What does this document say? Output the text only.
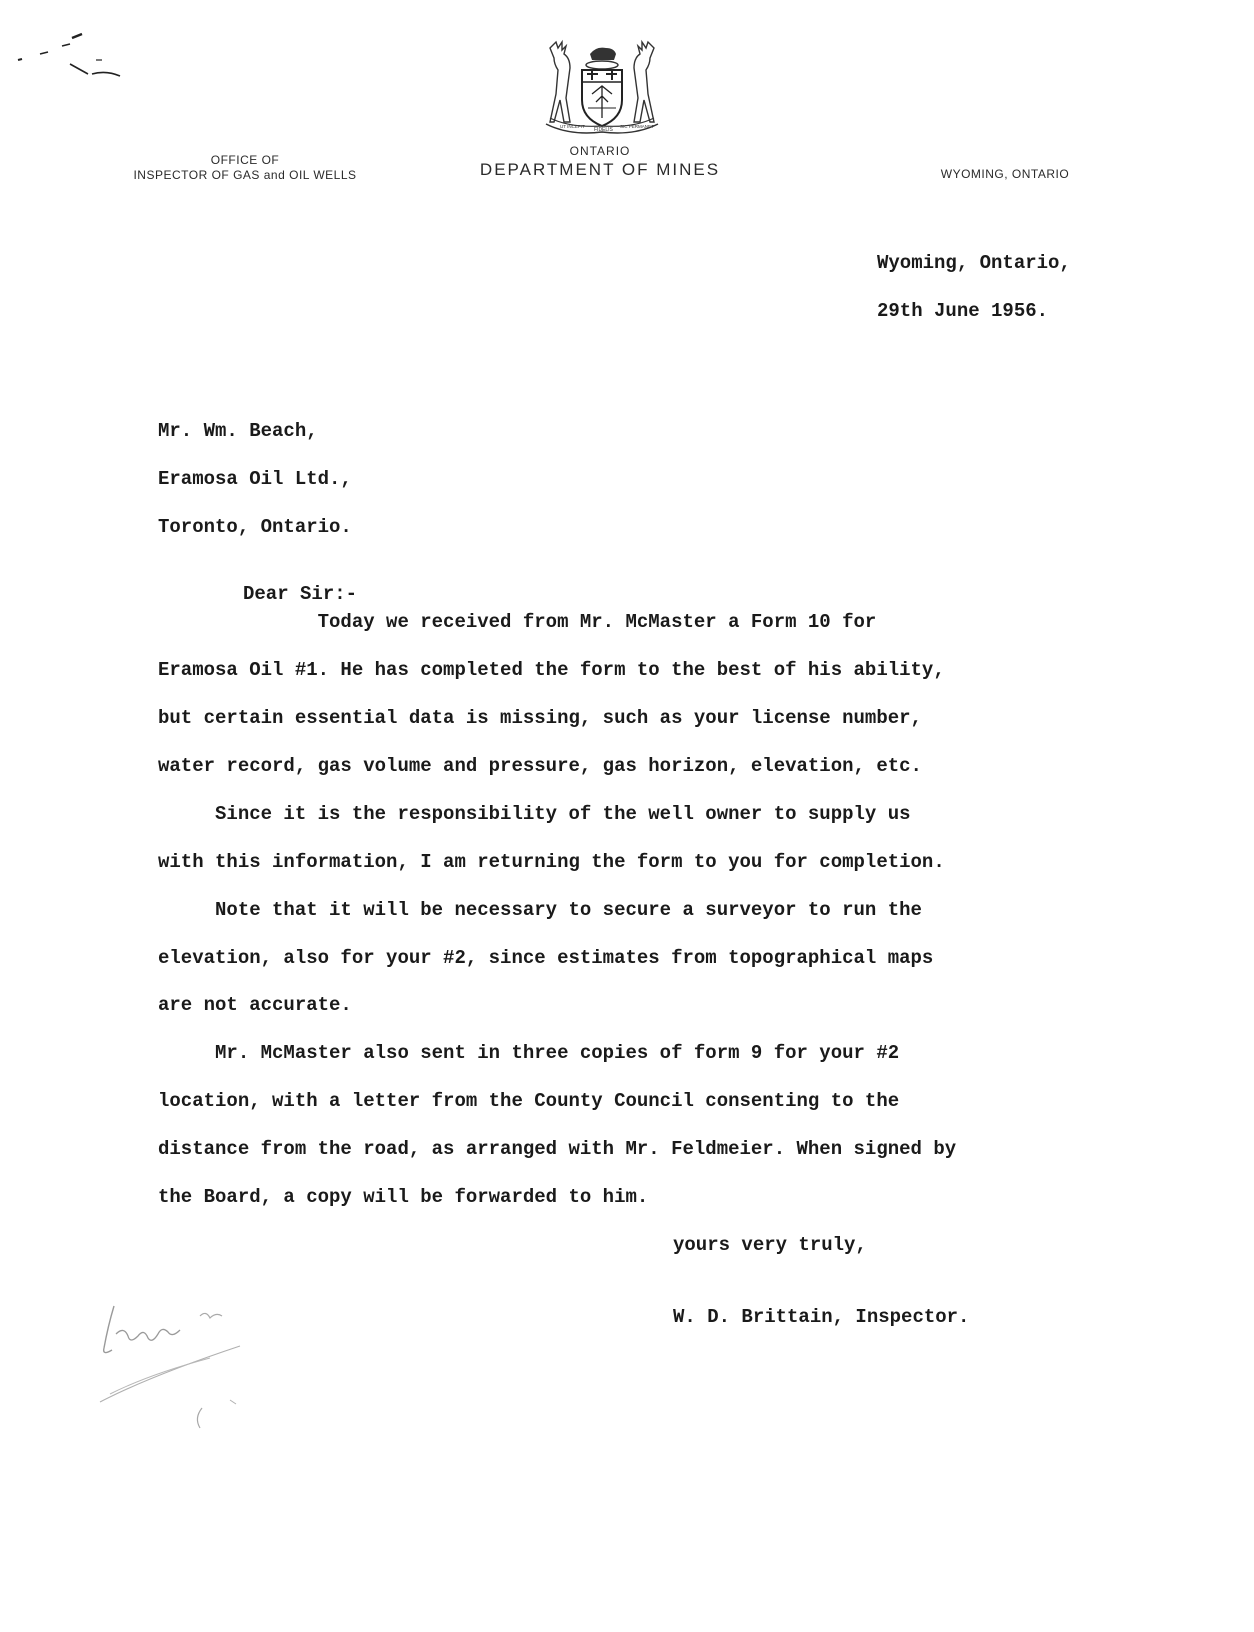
UT INCEPIT
FIDELIS
SIC PERMANET
OFFICE OF
INSPECTOR OF GAS and OIL WELLS
ONTARIO
DEPARTMENT OF MINES	WYOMING, ONTARIO
Wyoming, Ontario,
29th June 1956.
Mr. Wm. Beach,
Eramosa Oil Ltd.,
Toronto, Ontario.
Dear Sir:-
Today we received from Mr. McMaster a Form 10 for
Eramosa Oil #1. He has completed the form to the best of his ability,
but certain essential data is missing, such as your license number,
water record, gas volume and pressure, gas horizon, elevation, etc.
Since it is the responsibility of the well owner to supply us
with this information, I am returning the form to you for completion.
Note that it will be necessary to secure a surveyor to run the
elevation, also for your #2, since estimates from topographical maps
are not accurate.
Mr. McMaster also sent in three copies of form 9 for your #2
location, with a letter from the County Council consenting to the
distance from the road, as arranged with Mr. Feldmeier. When signed by
the Board, a copy will be forwarded to him.
yours very truly,
W. D. Brittain, Inspector.
